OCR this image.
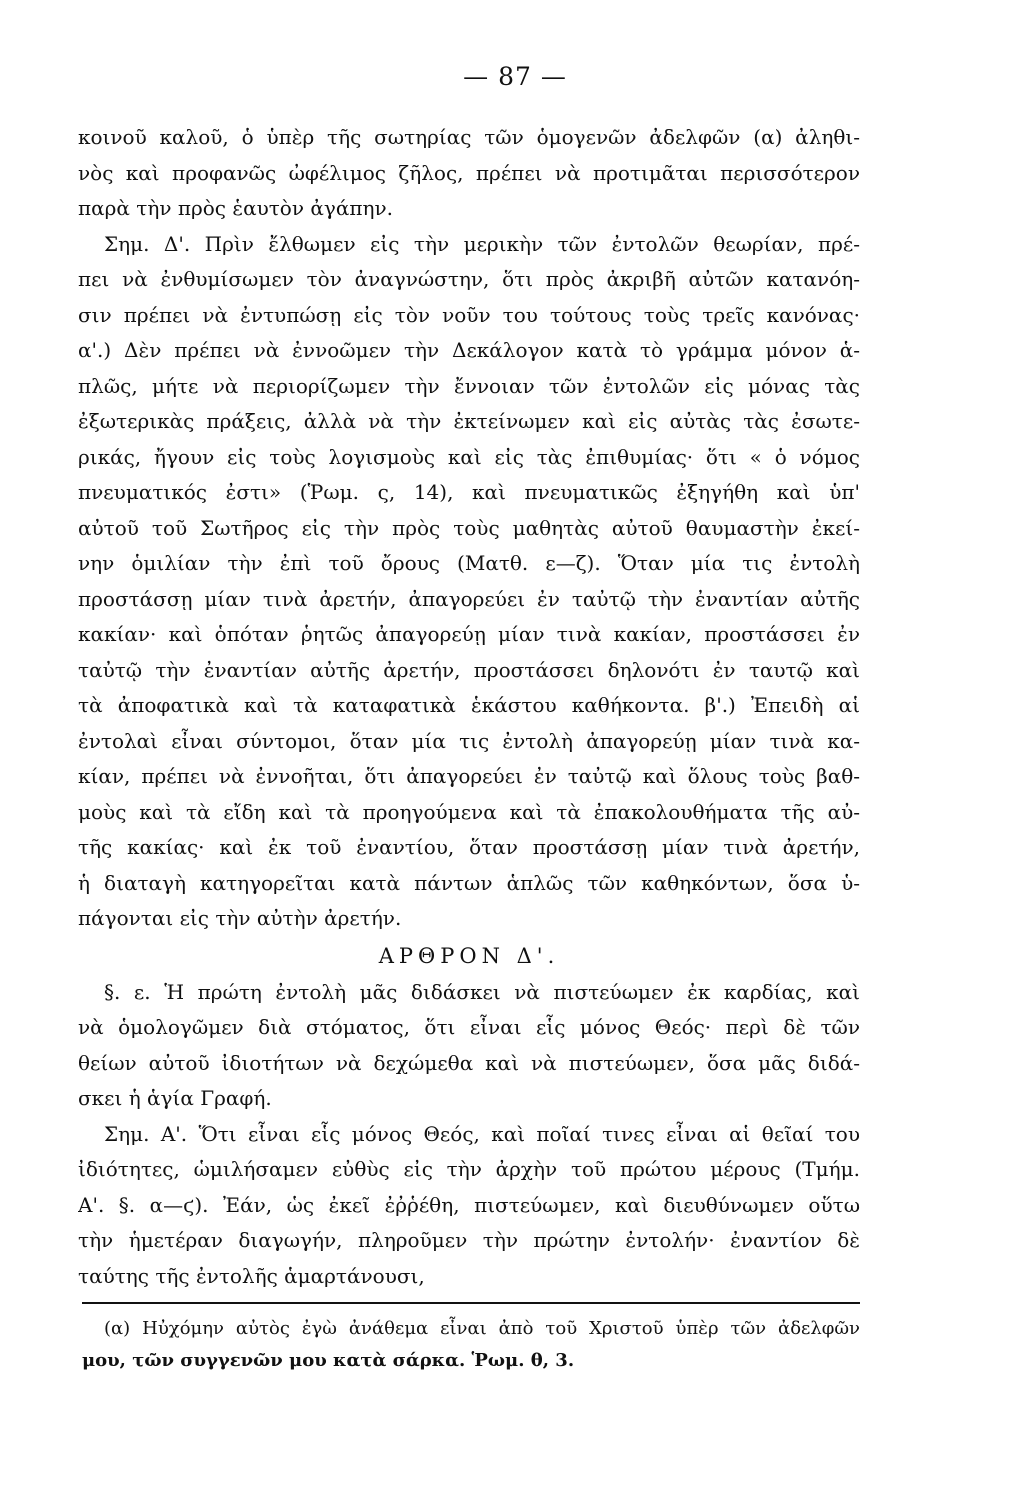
— 87 —
κοινοῦ καλοῦ, ὁ ὑπὲρ τῆς σωτηρίας τῶν ὁμογενῶν ἀδελφῶν (α) ἀληθι-
νὸς καὶ προφανῶς ὠφέλιμος ζῆλος, πρέπει νὰ προτιμᾶται περισσότερον
παρὰ τὴν πρὸς ἑαυτὸν ἀγάπην.
Σημ. Δ'. Πρὶν ἔλθωμεν εἰς τὴν μερικὴν τῶν ἐντολῶν θεωρίαν, πρέ-
πει νὰ ἐνθυμίσωμεν τὸν ἀναγνώστην, ὅτι πρὸς ἀκριβῆ αὐτῶν κατανόη-
σιν πρέπει νὰ ἐντυπώσῃ εἰς τὸν νοῦν του τούτους τοὺς τρεῖς κανόνας·
α'.) Δὲν πρέπει νὰ ἐννοῶμεν τὴν Δεκάλογον κατὰ τὸ γράμμα μόνον ἁ-
πλῶς, μήτε νὰ περιορίζωμεν τὴν ἔννοιαν τῶν ἐντολῶν εἰς μόνας τὰς
ἐξωτερικὰς πράξεις, ἀλλὰ νὰ τὴν ἐκτείνωμεν καὶ εἰς αὐτὰς τὰς ἐσωτε-
ρικάς, ἤγουν εἰς τοὺς λογισμοὺς καὶ εἰς τὰς ἐπιθυμίας· ὅτι « ὁ νόμος
πνευματικός ἐστι» (Ῥωμ. ς, 14), καὶ πνευματικῶς ἐξηγήθη καὶ ὑπ'
αὐτοῦ τοῦ Σωτῆρος εἰς τὴν πρὸς τοὺς μαθητὰς αὐτοῦ θαυμαστὴν ἐκεί-
νην ὁμιλίαν τὴν ἐπὶ τοῦ ὄρους (Ματθ. ε—ζ). Ὅταν μία τις ἐντολὴ
προστάσσῃ μίαν τινὰ ἀρετήν, ἀπαγορεύει ἐν ταὐτῷ τὴν ἐναντίαν αὐτῆς
κακίαν· καὶ ὁπόταν ῥητῶς ἀπαγορεύῃ μίαν τινὰ κακίαν, προστάσσει ἐν
ταὐτῷ τὴν ἐναντίαν αὐτῆς ἀρετήν, προστάσσει δηλονότι ἐν ταυτῷ καὶ
τὰ ἀποφατικὰ καὶ τὰ καταφατικὰ ἑκάστου καθήκοντα. β'.) Ἐπειδὴ αἱ
ἐντολαὶ εἶναι σύντομοι, ὅταν μία τις ἐντολὴ ἀπαγορεύῃ μίαν τινὰ κα-
κίαν, πρέπει νὰ ἐννοῆται, ὅτι ἀπαγορεύει ἐν ταὐτῷ καὶ ὅλους τοὺς βαθ-
μοὺς καὶ τὰ εἴδη καὶ τὰ προηγούμενα καὶ τὰ ἐπακολουθήματα τῆς αὐ-
τῆς κακίας· καὶ ἐκ τοῦ ἐναντίου, ὅταν προστάσσῃ μίαν τινὰ ἀρετήν,
ἡ διαταγὴ κατηγορεῖται κατὰ πάντων ἁπλῶς τῶν καθηκόντων, ὅσα ὑ-
πάγονται εἰς τὴν αὐτὴν ἀρετήν.
ΑΡΘΡΟΝ Δ'.
§. ε. Ἡ πρώτη ἐντολὴ μᾶς διδάσκει νὰ πιστεύωμεν ἐκ καρδίας, καὶ
νὰ ὁμολογῶμεν διὰ στόματος, ὅτι εἶναι εἷς μόνος Θεός· περὶ δὲ τῶν
θείων αὐτοῦ ἰδιοτήτων νὰ δεχώμεθα καὶ νὰ πιστεύωμεν, ὅσα μᾶς διδά-
σκει ἡ ἁγία Γραφή.
Σημ. Α'. Ὅτι εἶναι εἷς μόνος Θεός, καὶ ποῖαί τινες εἶναι αἱ θεῖαί του
ἰδιότητες, ὡμιλήσαμεν εὐθὺς εἰς τὴν ἀρχὴν τοῦ πρώτου μέρους (Τμήμ.
Α'. §. α—ϛ). Ἐάν, ὡς ἐκεῖ ἐῤῥέθη, πιστεύωμεν, καὶ διευθύνωμεν οὕτω
τὴν ἡμετέραν διαγωγήν, πληροῦμεν τὴν πρώτην ἐντολήν· ἐναντίον δὲ
ταύτης τῆς ἐντολῆς ἁμαρτάνουσι,
(α) Ηὐχόμην αὐτὸς ἐγὼ ἀνάθεμα εἶναι ἀπὸ τοῦ Χριστοῦ ὑπὲρ τῶν ἀδελφῶν
μου, τῶν συγγενῶν μου κατὰ σάρκα. Ῥωμ. θ, 3.
